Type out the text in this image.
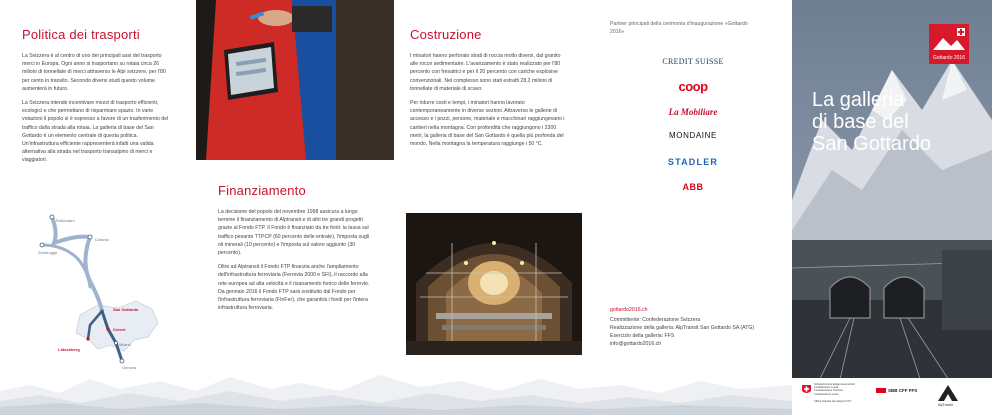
Politica dei trasporti

La Svizzera è al centro di uno dei principali assi del trasporto merci in Europa. Ogni anno si trasportano su rotaia circa 26 milioni di tonnellate di merci attraverso le Alpi svizzere, per l'80 per cento in transito. Secondo diversi studi questo volume aumenterà in futuro.

La Svizzera intende incentivare mezzi di trasporto efficienti, ecologici e che permettano di risparmiare spazio. In varie votazioni il popolo si è espresso a favore di un trasferimento del traffico dalla strada alla rotaia. La galleria di base del San Gottardo è un elemento centrale di questa politica. Un'infrastruttura efficiente rappresenterà infatti una valida alternativa alla strada nel trasporto transalpino di merci e viaggiatori.

Rotterdam
Zeebrugge
Colonia
San Gottardo
Lötschberg
Ceneri
Milano
Genova
Finanziamento

La decisione del popolo del novembre 1998 assicura a lungo termine il finanziamento di Alptransit e di altri tre grandi progetti grazie al Fondo FTP. Il Fondo è finanziato da tre fonti: la tassa sul traffico pesante TTPCP (60 percento delle entrate), l'imposta sugli oli minerali (10 percento) e l'imposta sul valore aggiunto (30 percento).

Oltre ad Alptransit il Fondo FTP finanzia anche l'ampliamento dell'infrastruttura ferroviaria (Ferrovia 2000 e SFI), il raccordo alla rete europea ad alta velocità e il risanamento fonico delle ferrovie. Da gennaio 2016 il Fondo FTP sarà sostituito dal Fondo per l'infrastruttura ferroviaria (FInFer), che garantirà i fondi per l'intera infrastruttura ferroviaria.

Costruzione

I minatori hanno perforato strati di roccia molto diversi, dal granito alle rocce sedimentarie. L'avanzamento è stato realizzato per l'80 percento con fresatrici e per il 20 percento con cariche esplosive convenzionali. Nel complesso sono stati estratti 28,2 milioni di tonnellate di materiale di scavo.

Per ridurre costi e tempi, i minatori hanno lavorato contemporaneamente in diverse sezioni. Attraverso le gallerie di accesso e i pozzi, persone, materiale e macchinari raggiungevano i cantieri nella montagna. Con profondità che raggiungono i 2300 metri, la galleria di base del San Gottardo è quella più profonda del mondo. Nella montagna la temperatura raggiunge i 50 °C.

Partner principali della cerimonia d'inaugurazione «Gottardo 2016»
CREDIT SUISSE
coop
La Mobiliare
MONDAINE
STADLER
ABB
gottardo2016.ch
Committente: Confederazione Svizzera
Realizzazione della galleria: AlpTransit San Gottardo SA (ATG)
Esercizio della galleria: FFS
info@gottardo2016.ch
Gottardo 2016
La galleria
di base del
San Gottardo
Schweizerische Eidgenossenschaft
Confédération suisse
Confederazione Svizzera
Confederaziun svizra
Ufficio federale dei trasporti UFT
SBB CFF FFS
AlpTransit
